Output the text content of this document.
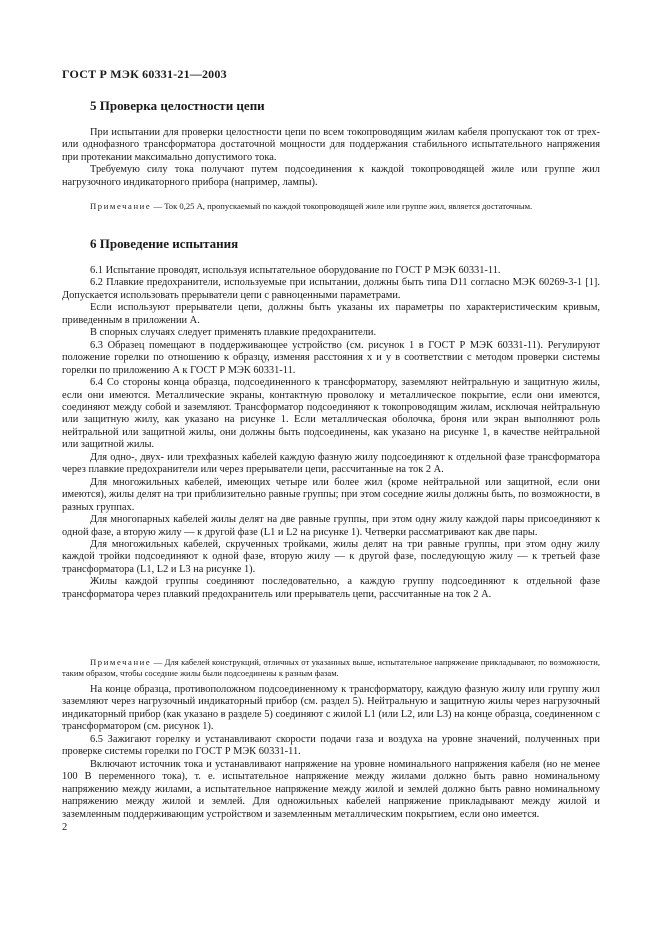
ГОСТ Р МЭК 60331-21—2003
5 Проверка целостности цепи

При испытании для проверки целостности цепи по всем токопроводящим жилам кабеля пропускают ток от трех- или однофазного трансформатора достаточной мощности для поддержания стабильного испытательного напряжения при протекании максимально допустимого тока.

Требуемую силу тока получают путем подсоединения к каждой токопроводящей жиле или группе жил нагрузочного индикаторного прибора (например, лампы).

Примечание — Ток 0,25 А, пропускаемый по каждой токопроводящей жиле или группе жил, является достаточным.

6 Проведение испытания

6.1 Испытание проводят, используя испытательное оборудование по ГОСТ Р МЭК 60331-11.

6.2 Плавкие предохранители, используемые при испытании, должны быть типа D11 согласно МЭК 60269-3-1 [1]. Допускается использовать прерыватели цепи с равноценными параметрами.

Если используют прерыватели цепи, должны быть указаны их параметры по характеристическим кривым, приведенным в приложении А.

В спорных случаях следует применять плавкие предохранители.

6.3 Образец помещают в поддерживающее устройство (см. рисунок 1 в ГОСТ Р МЭК 60331-11). Регулируют положение горелки по отношению к образцу, изменяя расстояния x и y в соответствии с методом проверки системы горелки по приложению А к ГОСТ Р МЭК 60331-11.

6.4 Со стороны конца образца, подсоединенного к трансформатору, заземляют нейтральную и защитную жилы, если они имеются. Металлические экраны, контактную проволоку и металлическое покрытие, если они имеются, соединяют между собой и заземляют. Трансформатор подсоединяют к токопроводящим жилам, исключая нейтральную или защитную жилу, как указано на рисунке 1. Если металлическая оболочка, броня или экран выполняют роль нейтральной или защитной жилы, они должны быть подсоединены, как указано на рисунке 1, в качестве нейтральной или защитной жилы.

Для одно-, двух- или трехфазных кабелей каждую фазную жилу подсоединяют к отдельной фазе трансформатора через плавкие предохранители или через прерыватели цепи, рассчитанные на ток 2 А.

Для многожильных кабелей, имеющих четыре или более жил (кроме нейтральной или защитной, если они имеются), жилы делят на три приблизительно равные группы; при этом соседние жилы должны быть, по возможности, в разных группах.

Для многопарных кабелей жилы делят на две равные группы, при этом одну жилу каждой пары присоединяют к одной фазе, а вторую жилу — к другой фазе (L1 и L2 на рисунке 1). Четверки рассматривают как две пары.

Для многожильных кабелей, скрученных тройками, жилы делят на три равные группы, при этом одну жилу каждой тройки подсоединяют к одной фазе, вторую жилу — к другой фазе, последующую жилу — к третьей фазе трансформатора (L1, L2 и L3 на рисунке 1).

Жилы каждой группы соединяют последовательно, а каждую группу подсоединяют к отдельной фазе трансформатора через плавкий предохранитель или прерыватель цепи, рассчитанные на ток 2 А.

Примечание — Для кабелей конструкций, отличных от указанных выше, испытательное напряжение прикладывают, по возможности, таким образом, чтобы соседние жилы были подсоединены к разным фазам.

На конце образца, противоположном подсоединенному к трансформатору, каждую фазную жилу или группу жил заземляют через нагрузочный индикаторный прибор (см. раздел 5). Нейтральную и защитную жилы через нагрузочный индикаторный прибор (как указано в разделе 5) соединяют с жилой L1 (или L2, или L3) на конце образца, соединенном с трансформатором (см. рисунок 1).

6.5 Зажигают горелку и устанавливают скорости подачи газа и воздуха на уровне значений, полученных при проверке системы горелки по ГОСТ Р МЭК 60331-11.

Включают источник тока и устанавливают напряжение на уровне номинального напряжения кабеля (но не менее 100 В переменного тока), т. е. испытательное напряжение между жилами должно быть равно номинальному напряжению между жилами, а испытательное напряжение между жилой и землей должно быть равно номинальному напряжению между жилой и землей. Для одножильных кабелей напряжение прикладывают между жилой и заземленным поддерживающим устройством и заземленным металлическим покрытием, если оно имеется.

2
